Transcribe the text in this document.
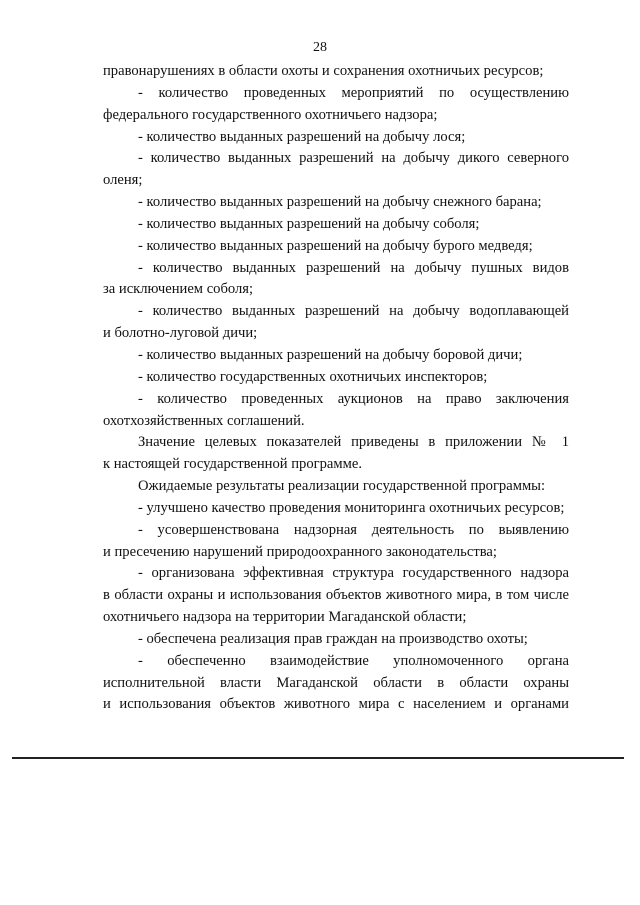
28
правонарушениях в области охоты и сохранения охотничьих ресурсов;
- количество проведенных мероприятий по осуществлению
федерального государственного охотничьего надзора;
- количество выданных разрешений на добычу лося;
- количество выданных разрешений на добычу дикого северного
оленя;
- количество выданных разрешений на добычу снежного барана;
- количество выданных разрешений на добычу соболя;
- количество выданных разрешений на добычу бурого медведя;
- количество выданных разрешений на добычу пушных видов
за исключением соболя;
- количество выданных разрешений на добычу водоплавающей
и болотно-луговой дичи;
- количество выданных разрешений на добычу боровой дичи;
- количество государственных охотничьих инспекторов;
- количество проведенных аукционов на право заключения
охотхозяйственных соглашений.
Значение целевых показателей приведены в приложении № 1
к настоящей государственной программе.
Ожидаемые результаты реализации государственной программы:
- улучшено качество проведения мониторинга охотничьих ресурсов;
- усовершенствована надзорная деятельность по выявлению
и пресечению нарушений природоохранного законодательства;
- организована эффективная структура государственного надзора
в области охраны и использования объектов животного мира, в том числе
охотничьего надзора на территории Магаданской области;
- обеспечена реализация прав граждан на производство охоты;
- обеспеченно взаимодействие уполномоченного органа
исполнительной власти Магаданской области в области охраны
и использования объектов животного мира с населением и органами
